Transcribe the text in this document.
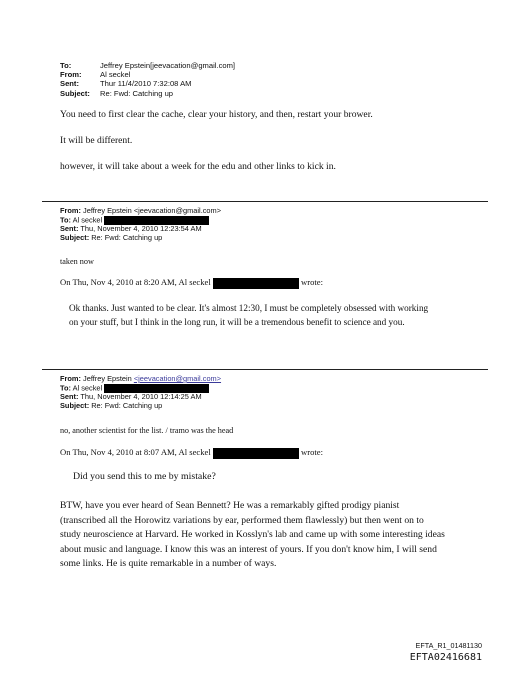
To:	Jeffrey Epstein[jeevacation@gmail.com]
From:	Al seckel
Sent:	Thur 11/4/2010 7:32:08 AM
Subject:	Re: Fwd: Catching up
You need to first clear the cache, clear your history, and then, restart your brower.
It will be different.
however, it will take about a week for the edu and other links to kick in.
From: Jeffrey Epstein <jeevacation@gmail.com>
To: Al seckel
Sent: Thu, November 4, 2010 12:23:54 AM
Subject: Re: Fwd: Catching up
taken now
On Thu, Nov 4, 2010 at 8:20 AM, Al seckel	wrote:
Ok thanks. Just wanted to be clear. It's almost 12:30, I must be completely obsessed with working on your stuff, but I think in the long run, it will be a tremendous benefit to science and you.
From: Jeffrey Epstein <jeevacation@gmail.com>
To: Al seckel
Sent: Thu, November 4, 2010 12:14:25 AM
Subject: Re: Fwd: Catching up
no, another scientist for the list. / tramo was the head
On Thu, Nov 4, 2010 at 8:07 AM, Al seckel	wrote:
Did you send this to me by mistake?
BTW, have you ever heard of Sean Bennett? He was a remarkably gifted prodigy pianist (transcribed all the Horowitz variations by ear, performed them flawlessly) but then went on to study neuroscience at Harvard. He worked in Kosslyn's lab and came up with some interesting ideas about music and language. I know this was an interest of yours. If you don't know him, I will send some links. He is quite remarkable in a number of ways.
EFTA_R1_01481130
EFTA02416681
